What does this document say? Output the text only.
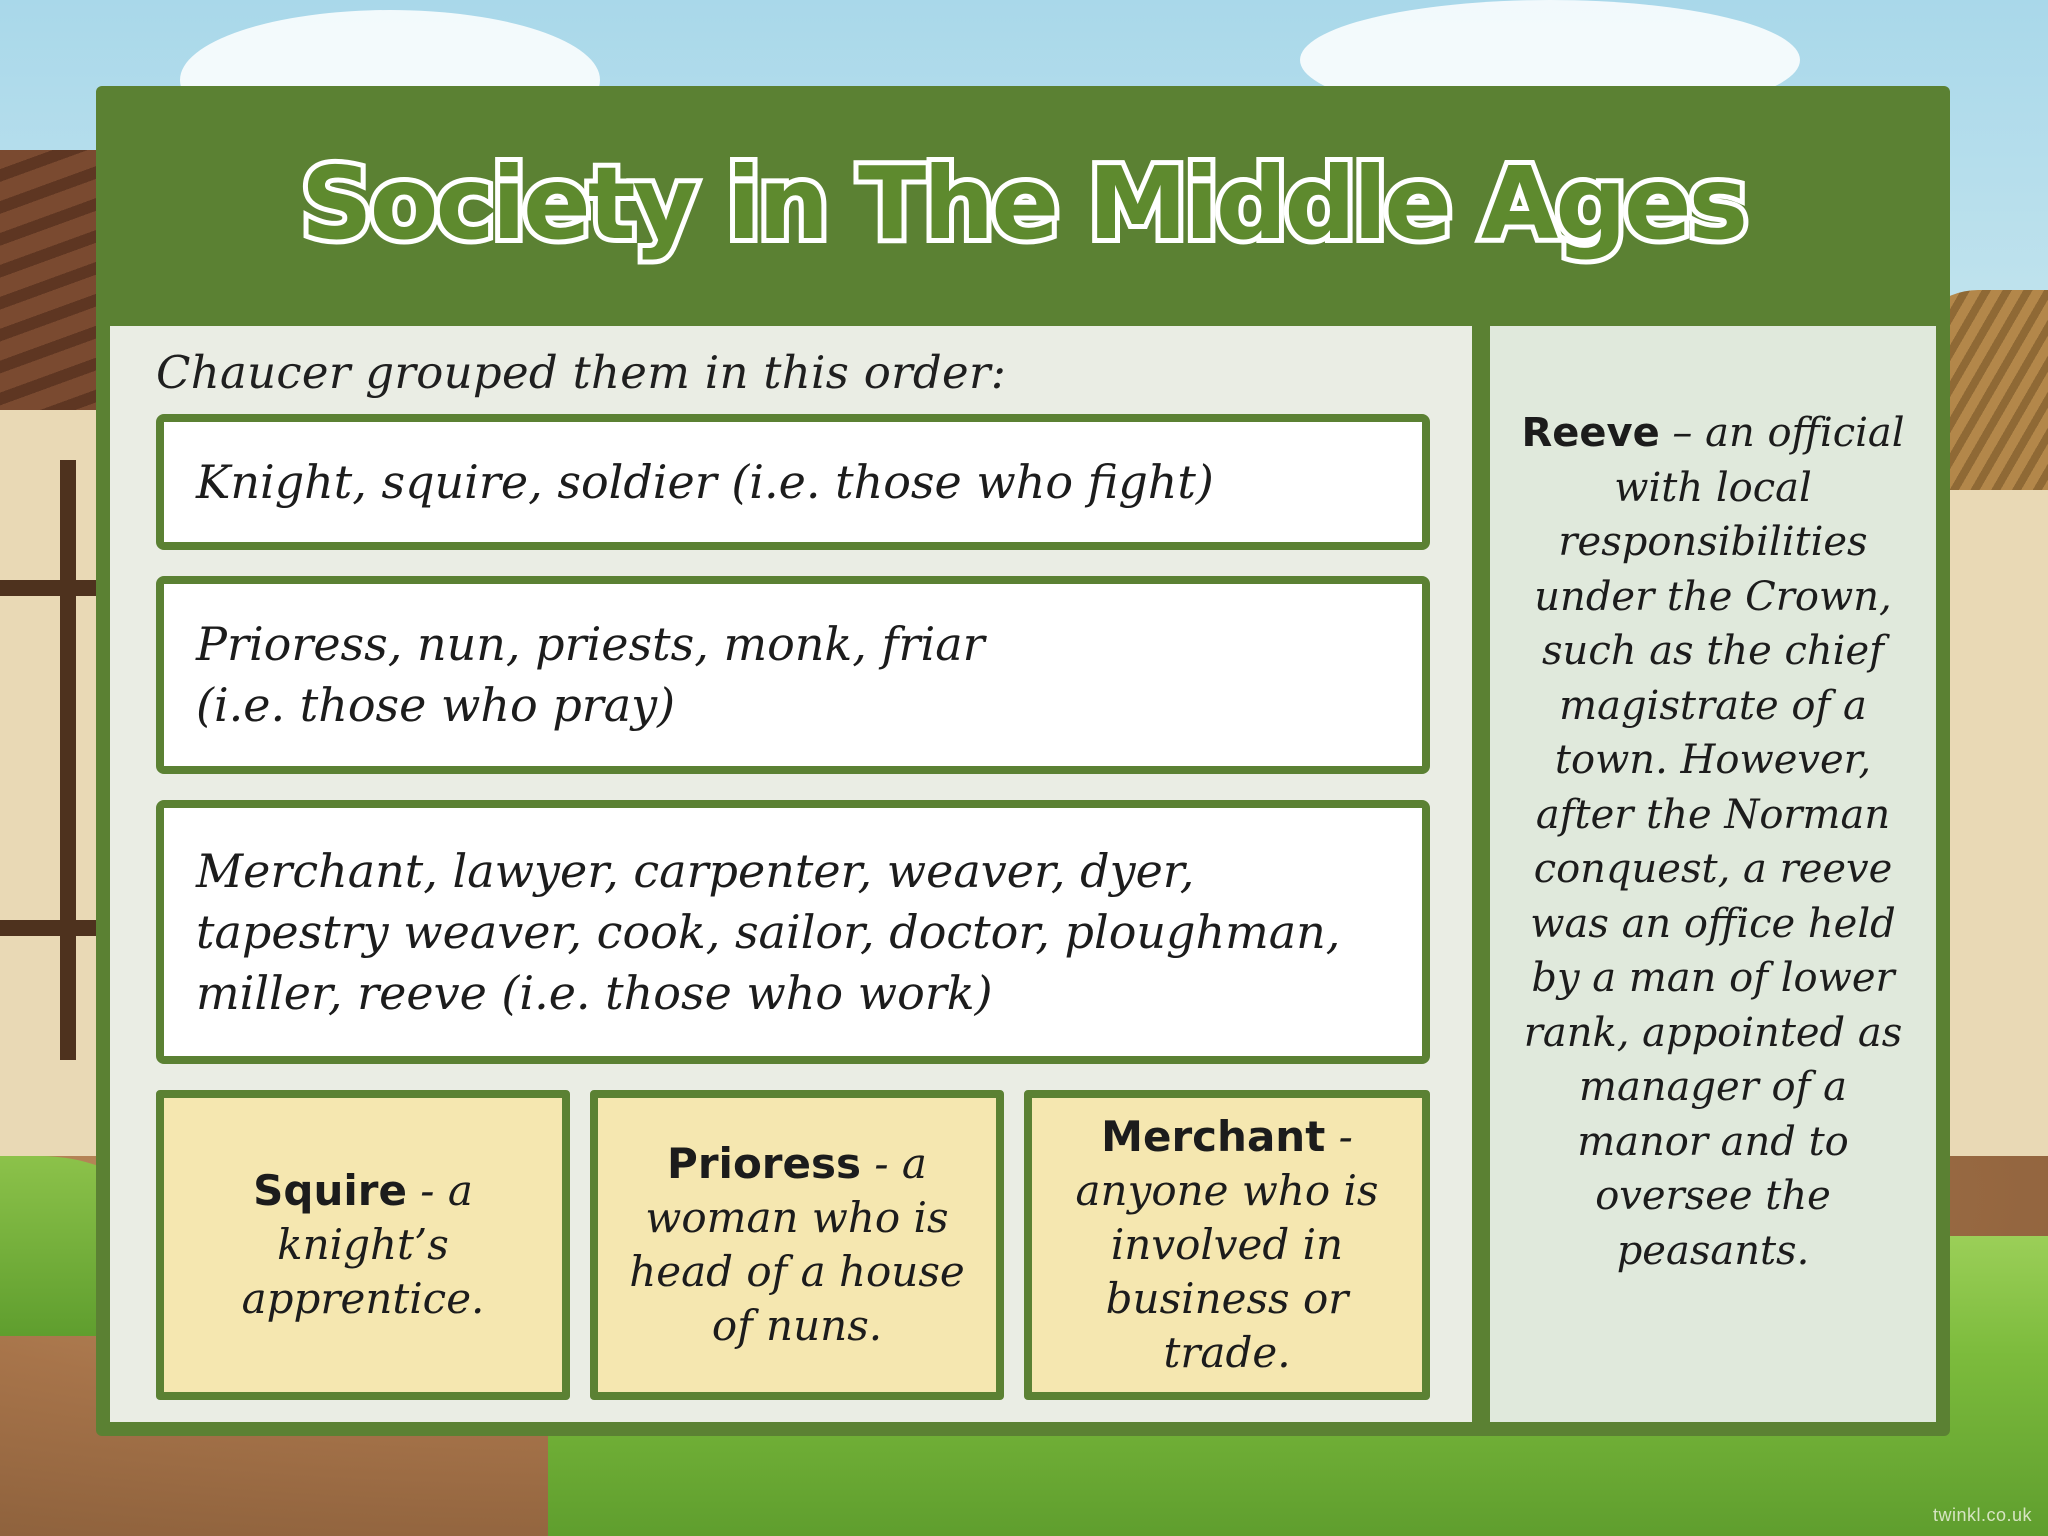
twinkl.co.uk
Society in The Middle Ages
Chaucer grouped them in this order:
Knight, squire, soldier (i.e. those who fight)
Prioress, nun, priests, monk, friar
(i.e. those who pray)
Merchant, lawyer, carpenter, weaver, dyer, tapestry weaver, cook, sailor, doctor, ploughman, miller, reeve (i.e. those who work)
Squire - a knight’s apprentice.
Prioress - a woman who is head of a house of nuns.
Merchant - anyone who is involved in business or trade.
Reeve – an official with local responsibilities under the Crown, such as the chief magistrate of a town. However, after the Norman conquest, a reeve was an office held by a man of lower rank, appointed as manager of a manor and to oversee the peasants.
